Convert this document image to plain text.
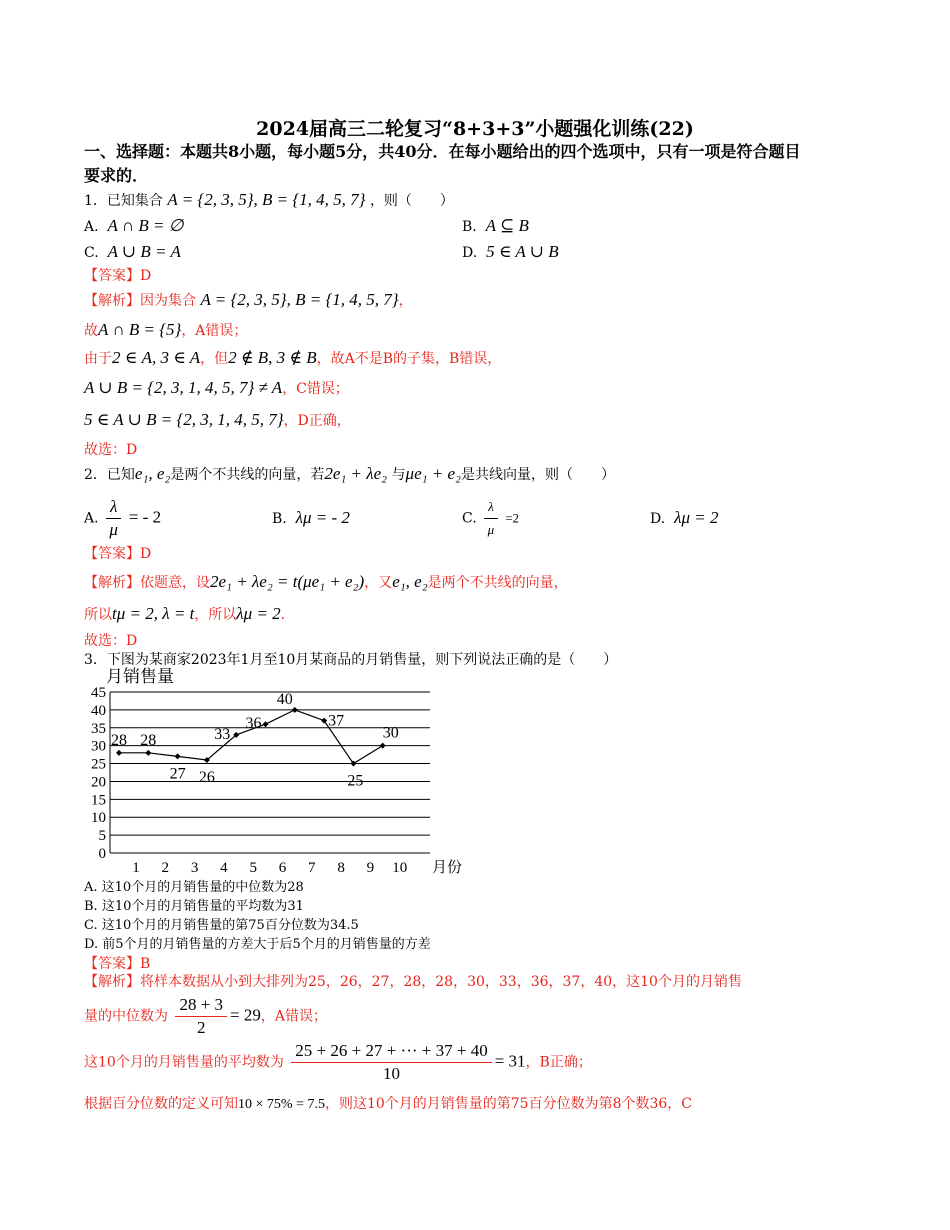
2024届高三二轮复习“8+3+3”小题强化训练(22)
一、选择题：本题共8小题，每小题5分，共40分．在每小题给出的四个选项中，只有一项是符合题目要求的．
1．已知集合 A = {2, 3, 5}, B = {1, 4, 5, 7} ，则（　　）
A. A ∩ B = ∅	B. A ⊆ B
C. A ∪ B = A	D. 5 ∈ A ∪ B
【答案】D
【解析】因为集合 A = {2, 3, 5}, B = {1, 4, 5, 7}，
故A ∩ B = {5}，A错误；
由于2 ∈ A, 3 ∈ A，但2 ∉ B, 3 ∉ B，故A不是B的子集，B错误，
A ∪ B = {2, 3, 1, 4, 5, 7} ≠ A，C错误；
5 ∈ A ∪ B = {2, 3, 1, 4, 5, 7}，D正确，
故选：D
2．已知e₁, e₂是两个不共线的向量，若2e₁ + λe₂ 与μe₁ + e₂是共线向量，则（　　）
A. $\frac{\lambda}{\mu}$ = - 2	B. λμ = - 2	C. $\frac{\lambda}{\mu} =2$	D. λμ = 2
【答案】D
【解析】依题意，设2e₁ + λe₂ = t(μe₁ + e₂)，又e₁, e₂是两个不共线的向量，
所以tμ = 2, λ = t，所以λμ = 2．
故选：D
3．下图为某商家2023年1月至10月某商品的月销售量，则下列说法正确的是（　　）
月销售量
0
5
10
15
20
25
30
35
40
45
1 2 3 4 5 6 7 8 9 10 月份
28 28
27 26
33
36
40
37
25
30
A. 这10个月的月销售量的中位数为28
B. 这10个月的月销售量的平均数为31
C. 这10个月的月销售量的第75百分位数为34.5
D. 前5个月的月销售量的方差大于后5个月的月销售量的方差
【答案】B
【解析】将样本数据从小到大排列为25，26，27，28，28，30，33，36，37，40，这10个月的月销售
量的中位数为 $\frac{28 + 3}{2} = 29$，A错误；
这10个月的月销售量的平均数为 $\frac{25 + 26 + 27 + \cdot\cdot\cdot + 37 + 40}{10} = 31$，B正确；
根据百分位数的定义可知10 × 75% = 7.5，则这10个月的月销售量的第75百分位数为第8个数36，C
